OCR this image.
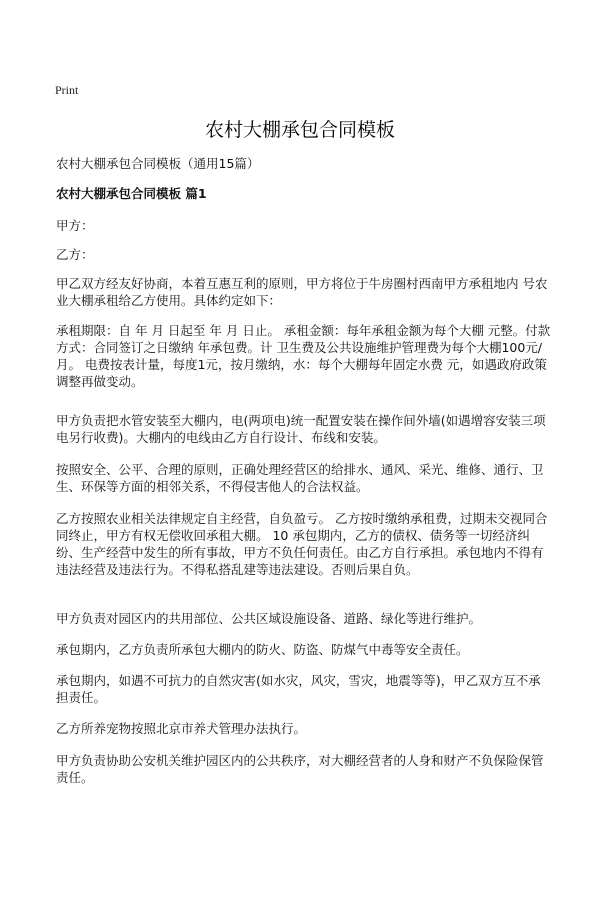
Print
农村大棚承包合同模板
农村大棚承包合同模板（通用15篇）
农村大棚承包合同模板 篇1

甲方：

乙方：

甲乙双方经友好协商，本着互惠互利的原则，甲方将位于牛房圈村西南甲方承租地内 号农业大棚承租给乙方使用。具体约定如下：

承租期限：自 年 月 日起至 年 月 日止。 承租金额：每年承租金额为每个大棚 元整。付款方式：合同签订之日缴纳 年承包费。计 卫生费及公共设施维护管理费为每个大棚100元/月。 电费按表计量，每度1元，按月缴纳，水：每个大棚每年固定水费 元，如遇政府政策调整再做变动。

甲方负责把水管安装至大棚内，电(两项电)统一配置安装在操作间外墙(如遇增容安装三项电另行收费)。大棚内的电线由乙方自行设计、布线和安装。

按照安全、公平、合理的原则，正确处理经营区的给排水、通风、采光、维修、通行、卫生、环保等方面的相邻关系，不得侵害他人的合法权益。

乙方按照农业相关法律规定自主经营，自负盈亏。 乙方按时缴纳承租费，过期未交视同合同终止，甲方有权无偿收回承租大棚。 10 承包期内，乙方的债权、债务等一切经济纠纷、生产经营中发生的所有事故，甲方不负任何责任。由乙方自行承担。承包地内不得有违法经营及违法行为。不得私搭乱建等违法建设。否则后果自负。

甲方负责对园区内的共用部位、公共区域设施设备、道路、绿化等进行维护。

承包期内，乙方负责所承包大棚内的防火、防盗、防煤气中毒等安全责任。

承包期内，如遇不可抗力的自然灾害(如水灾，风灾，雪灾，地震等等)，甲乙双方互不承担责任。

乙方所养宠物按照北京市养犬管理办法执行。

甲方负责协助公安机关维护园区内的公共秩序，对大棚经营者的人身和财产不负保险保管责任。
